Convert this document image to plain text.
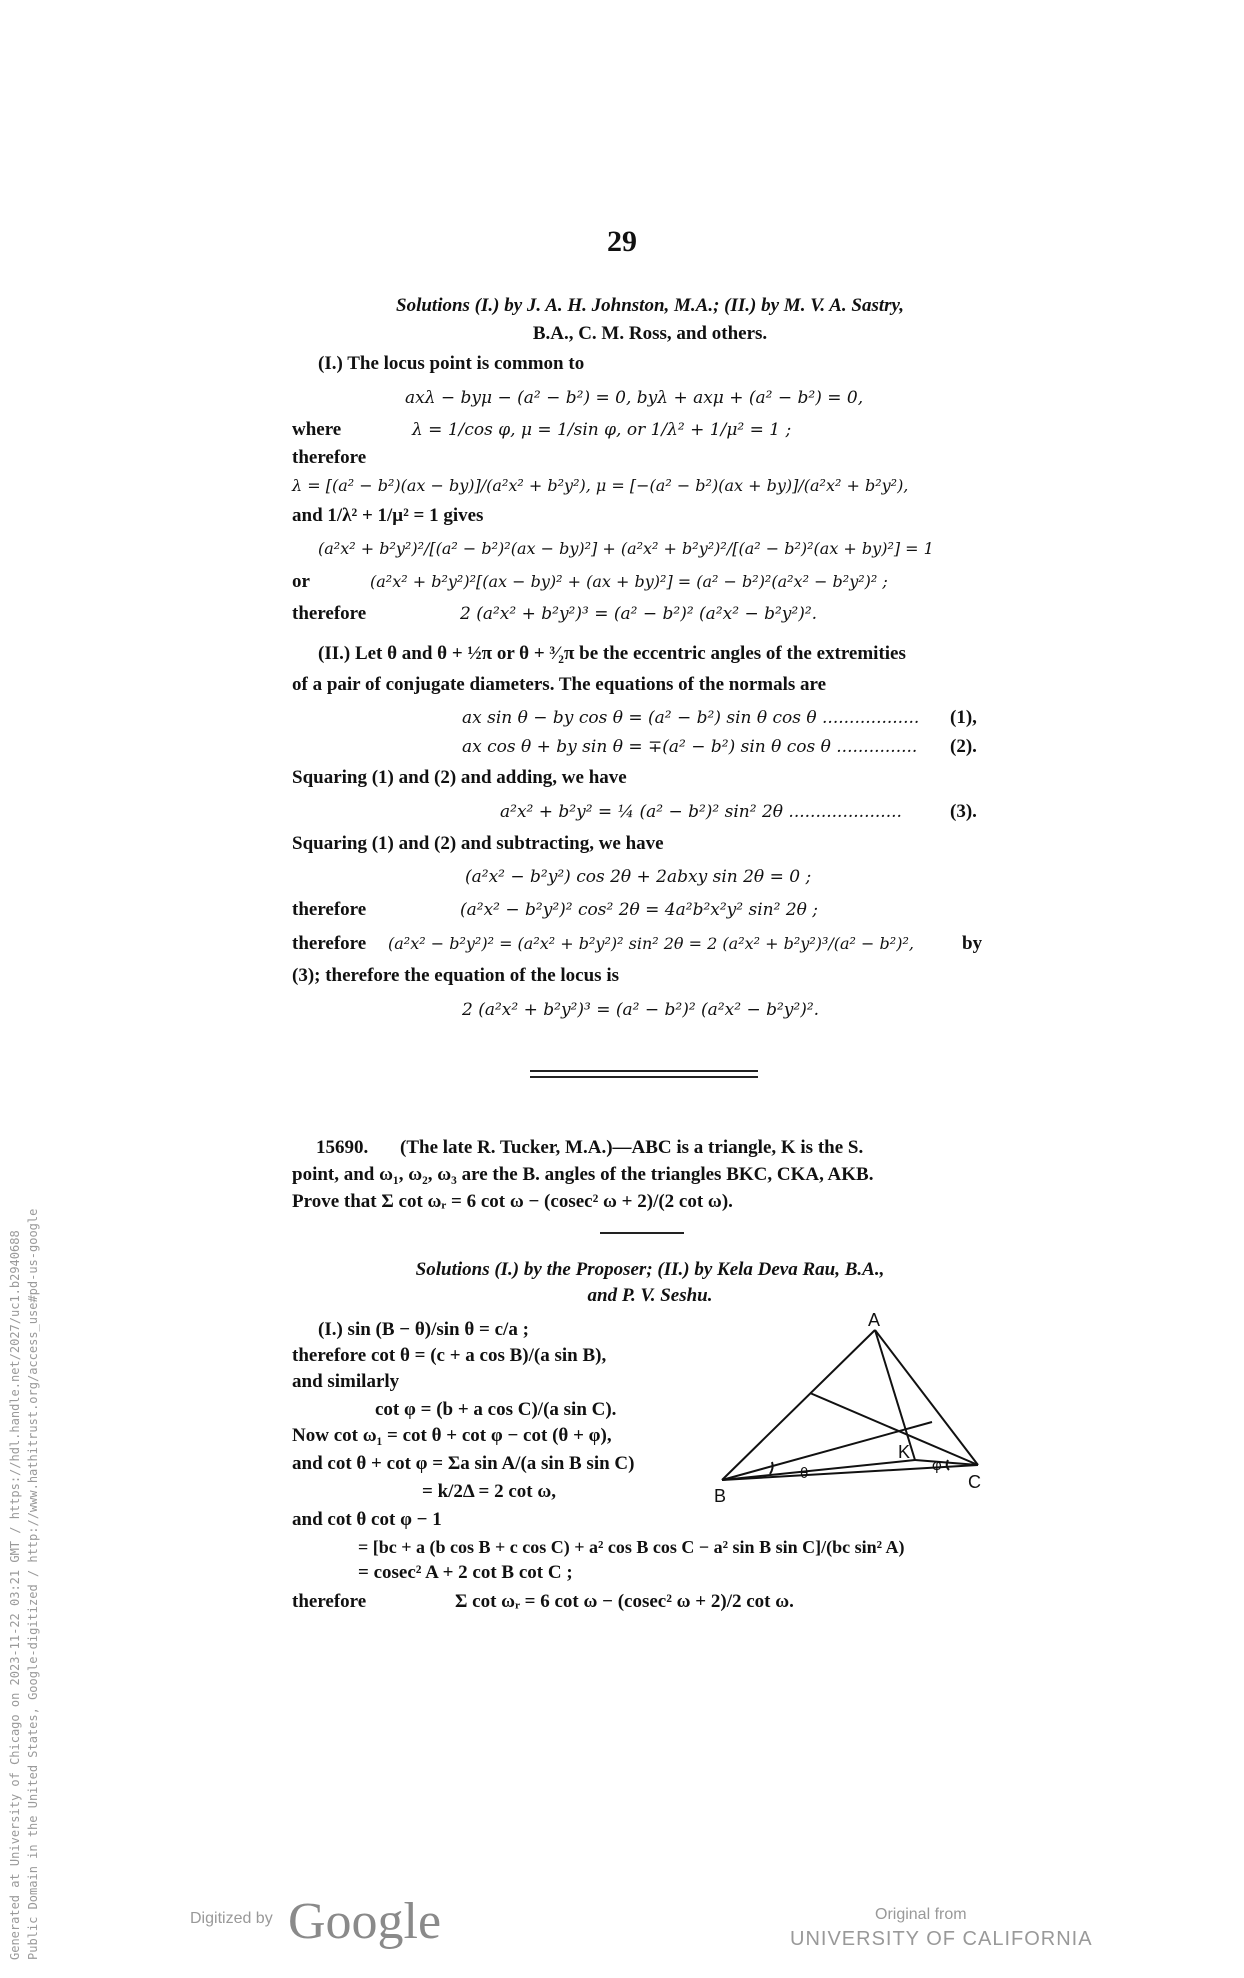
Generated at University of Chicago on 2023-11-22 03:21 GMT / https://hdl.handle.net/2027/uc1.b2940688 Public Domain in the United States, Google-digitized / http://www.hathitrust.org/access_use#pd-us-google
29
Solutions (I.) by J. A. H. Johnston, M.A.; (II.) by M. V. A. Sastry,
B.A., C. M. Ross, and others.
(I.) The locus point is common to
axλ − byμ − (a² − b²) = 0, byλ + axμ + (a² − b²) = 0,
where	λ = 1/cos φ, μ = 1/sin φ, or 1/λ² + 1/μ² = 1 ;
therefore
λ = [(a² − b²)(ax − by)]/(a²x² + b²y²), μ = [−(a² − b²)(ax + by)]/(a²x² + b²y²),
and 1/λ² + 1/μ² = 1 gives
(a²x² + b²y²)²/[(a² − b²)²(ax − by)²] + (a²x² + b²y²)²/[(a² − b²)²(ax + by)²] = 1
or	(a²x² + b²y²)²[(ax − by)² + (ax + by)²] = (a² − b²)²(a²x² − b²y²)² ;
therefore	2 (a²x² + b²y²)³ = (a² − b²)² (a²x² − b²y²)².
(II.) Let θ and θ + ½π or θ + ³⁄₂π be the eccentric angles of the extremities
of a pair of conjugate diameters. The equations of the normals are
ax sin θ − by cos θ = (a² − b²) sin θ cos θ .................. (1),
ax cos θ + by sin θ = ∓(a² − b²) sin θ cos θ ............... (2).
Squaring (1) and (2) and adding, we have
a²x² + b²y² = ¼ (a² − b²)² sin² 2θ .....................	(3).
Squaring (1) and (2) and subtracting, we have
(a²x² − b²y²) cos 2θ + 2abxy sin 2θ = 0 ;
therefore	(a²x² − b²y²)² cos² 2θ = 4a²b²x²y² sin² 2θ ;
therefore (a²x² − b²y²)² = (a²x² + b²y²)² sin² 2θ = 2 (a²x² + b²y²)³/(a² − b²)²,	by
(3); therefore the equation of the locus is
2 (a²x² + b²y²)³ = (a² − b²)² (a²x² − b²y²)².
15690. (The late R. Tucker, M.A.)—ABC is a triangle, K is the S.
point, and ω₁, ω₂, ω₃ are the B. angles of the triangles BKC, CKA, AKB.
Prove that Σ cot ωᵣ = 6 cot ω − (cosec² ω + 2)/(2 cot ω).
Solutions (I.) by the Proposer; (II.) by Kela Deva Rau, B.A.,
and P. V. Seshu.
(I.) sin (B − θ)/sin θ = c/a ;
therefore cot θ = (c + a cos B)/(a sin B),
and similarly
cot φ = (b + a cos C)/(a sin C).
Now cot ω₁ = cot θ + cot φ − cot (θ + φ),
and cot θ + cot φ = Σa sin A/(a sin B sin C)
= k/2Δ = 2 cot ω,
and cot θ cot φ − 1
= [bc + a (b cos B + c cos C) + a² cos B cos C − a² sin B sin C]/(bc sin² A)
= cosec² A + 2 cot B cot C ;
therefore	Σ cot ωᵣ = 6 cot ω − (cosec² ω + 2)/2 cot ω.
A
B
C
K
θ	φ
Digitized by Google	Original from
UNIVERSITY OF CALIFORNIA
